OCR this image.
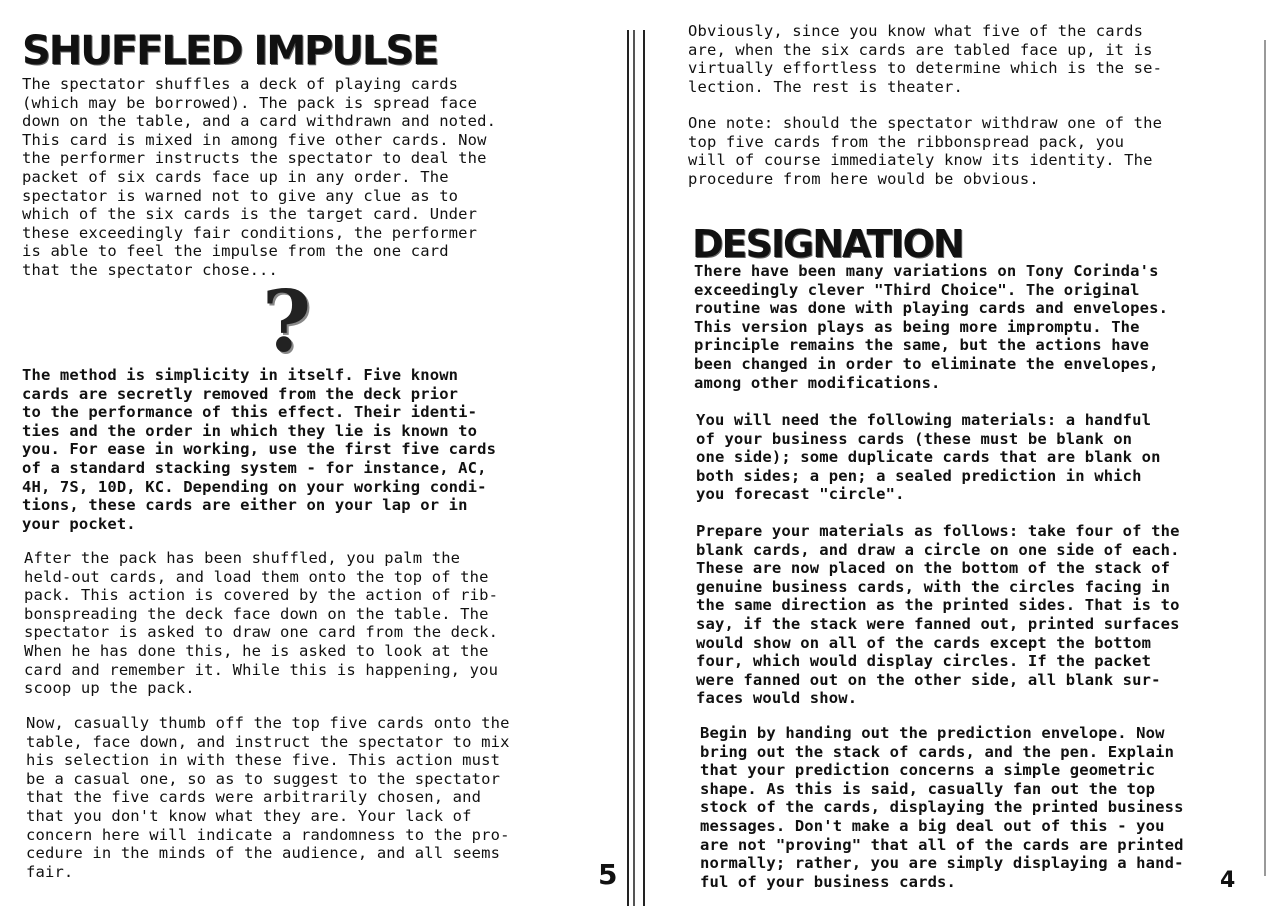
SHUFFLED IMPULSE

The spectator shuffles a deck of playing cards
(which may be borrowed). The pack is spread face
down on the table, and a card withdrawn and noted.
This card is mixed in among five other cards. Now
the performer instructs the spectator to deal the
packet of six cards face up in any order. The
spectator is warned not to give any clue as to
which of the six cards is the target card. Under
these exceedingly fair conditions, the performer
is able to feel the impulse from the one card
that the spectator chose...

?

The method is simplicity in itself. Five known
cards are secretly removed from the deck prior
to the performance of this effect. Their identi-
ties and the order in which they lie is known to
you. For ease in working, use the first five cards
of a standard stacking system - for instance, AC,
4H, 7S, 10D, KC. Depending on your working condi-
tions, these cards are either on your lap or in
your pocket.

After the pack has been shuffled, you palm the
held-out cards, and load them onto the top of the
pack. This action is covered by the action of rib-
bonspreading the deck face down on the table. The
spectator is asked to draw one card from the deck.
When he has done this, he is asked to look at the
card and remember it. While this is happening, you
scoop up the pack.

Now, casually thumb off the top five cards onto the
table, face down, and instruct the spectator to mix
his selection in with these five. This action must
be a casual one, so as to suggest to the spectator
that the five cards were arbitrarily chosen, and
that you don't know what they are. Your lack of
concern here will indicate a randomness to the pro-
cedure in the minds of the audience, and all seems
fair.	5

Obviously, since you know what five of the cards
are, when the six cards are tabled face up, it is
virtually effortless to determine which is the se-
lection. The rest is theater.

One note: should the spectator withdraw one of the
top five cards from the ribbonspread pack, you
will of course immediately know its identity. The
procedure from here would be obvious.

DESIGNATION

There have been many variations on Tony Corinda's
exceedingly clever "Third Choice". The original
routine was done with playing cards and envelopes.
This version plays as being more impromptu. The
principle remains the same, but the actions have
been changed in order to eliminate the envelopes,
among other modifications.

You will need the following materials: a handful
of your business cards (these must be blank on
one side); some duplicate cards that are blank on
both sides; a pen; a sealed prediction in which
you forecast "circle".

Prepare your materials as follows: take four of the
blank cards, and draw a circle on one side of each.
These are now placed on the bottom of the stack of
genuine business cards, with the circles facing in
the same direction as the printed sides. That is to
say, if the stack were fanned out, printed surfaces
would show on all of the cards except the bottom
four, which would display circles. If the packet
were fanned out on the other side, all blank sur-
faces would show.

Begin by handing out the prediction envelope. Now
bring out the stack of cards, and the pen. Explain
that your prediction concerns a simple geometric
shape. As this is said, casually fan out the top
stock of the cards, displaying the printed business
messages. Don't make a big deal out of this - you
are not "proving" that all of the cards are printed
normally; rather, you are simply displaying a hand-
ful of your business cards.	4
